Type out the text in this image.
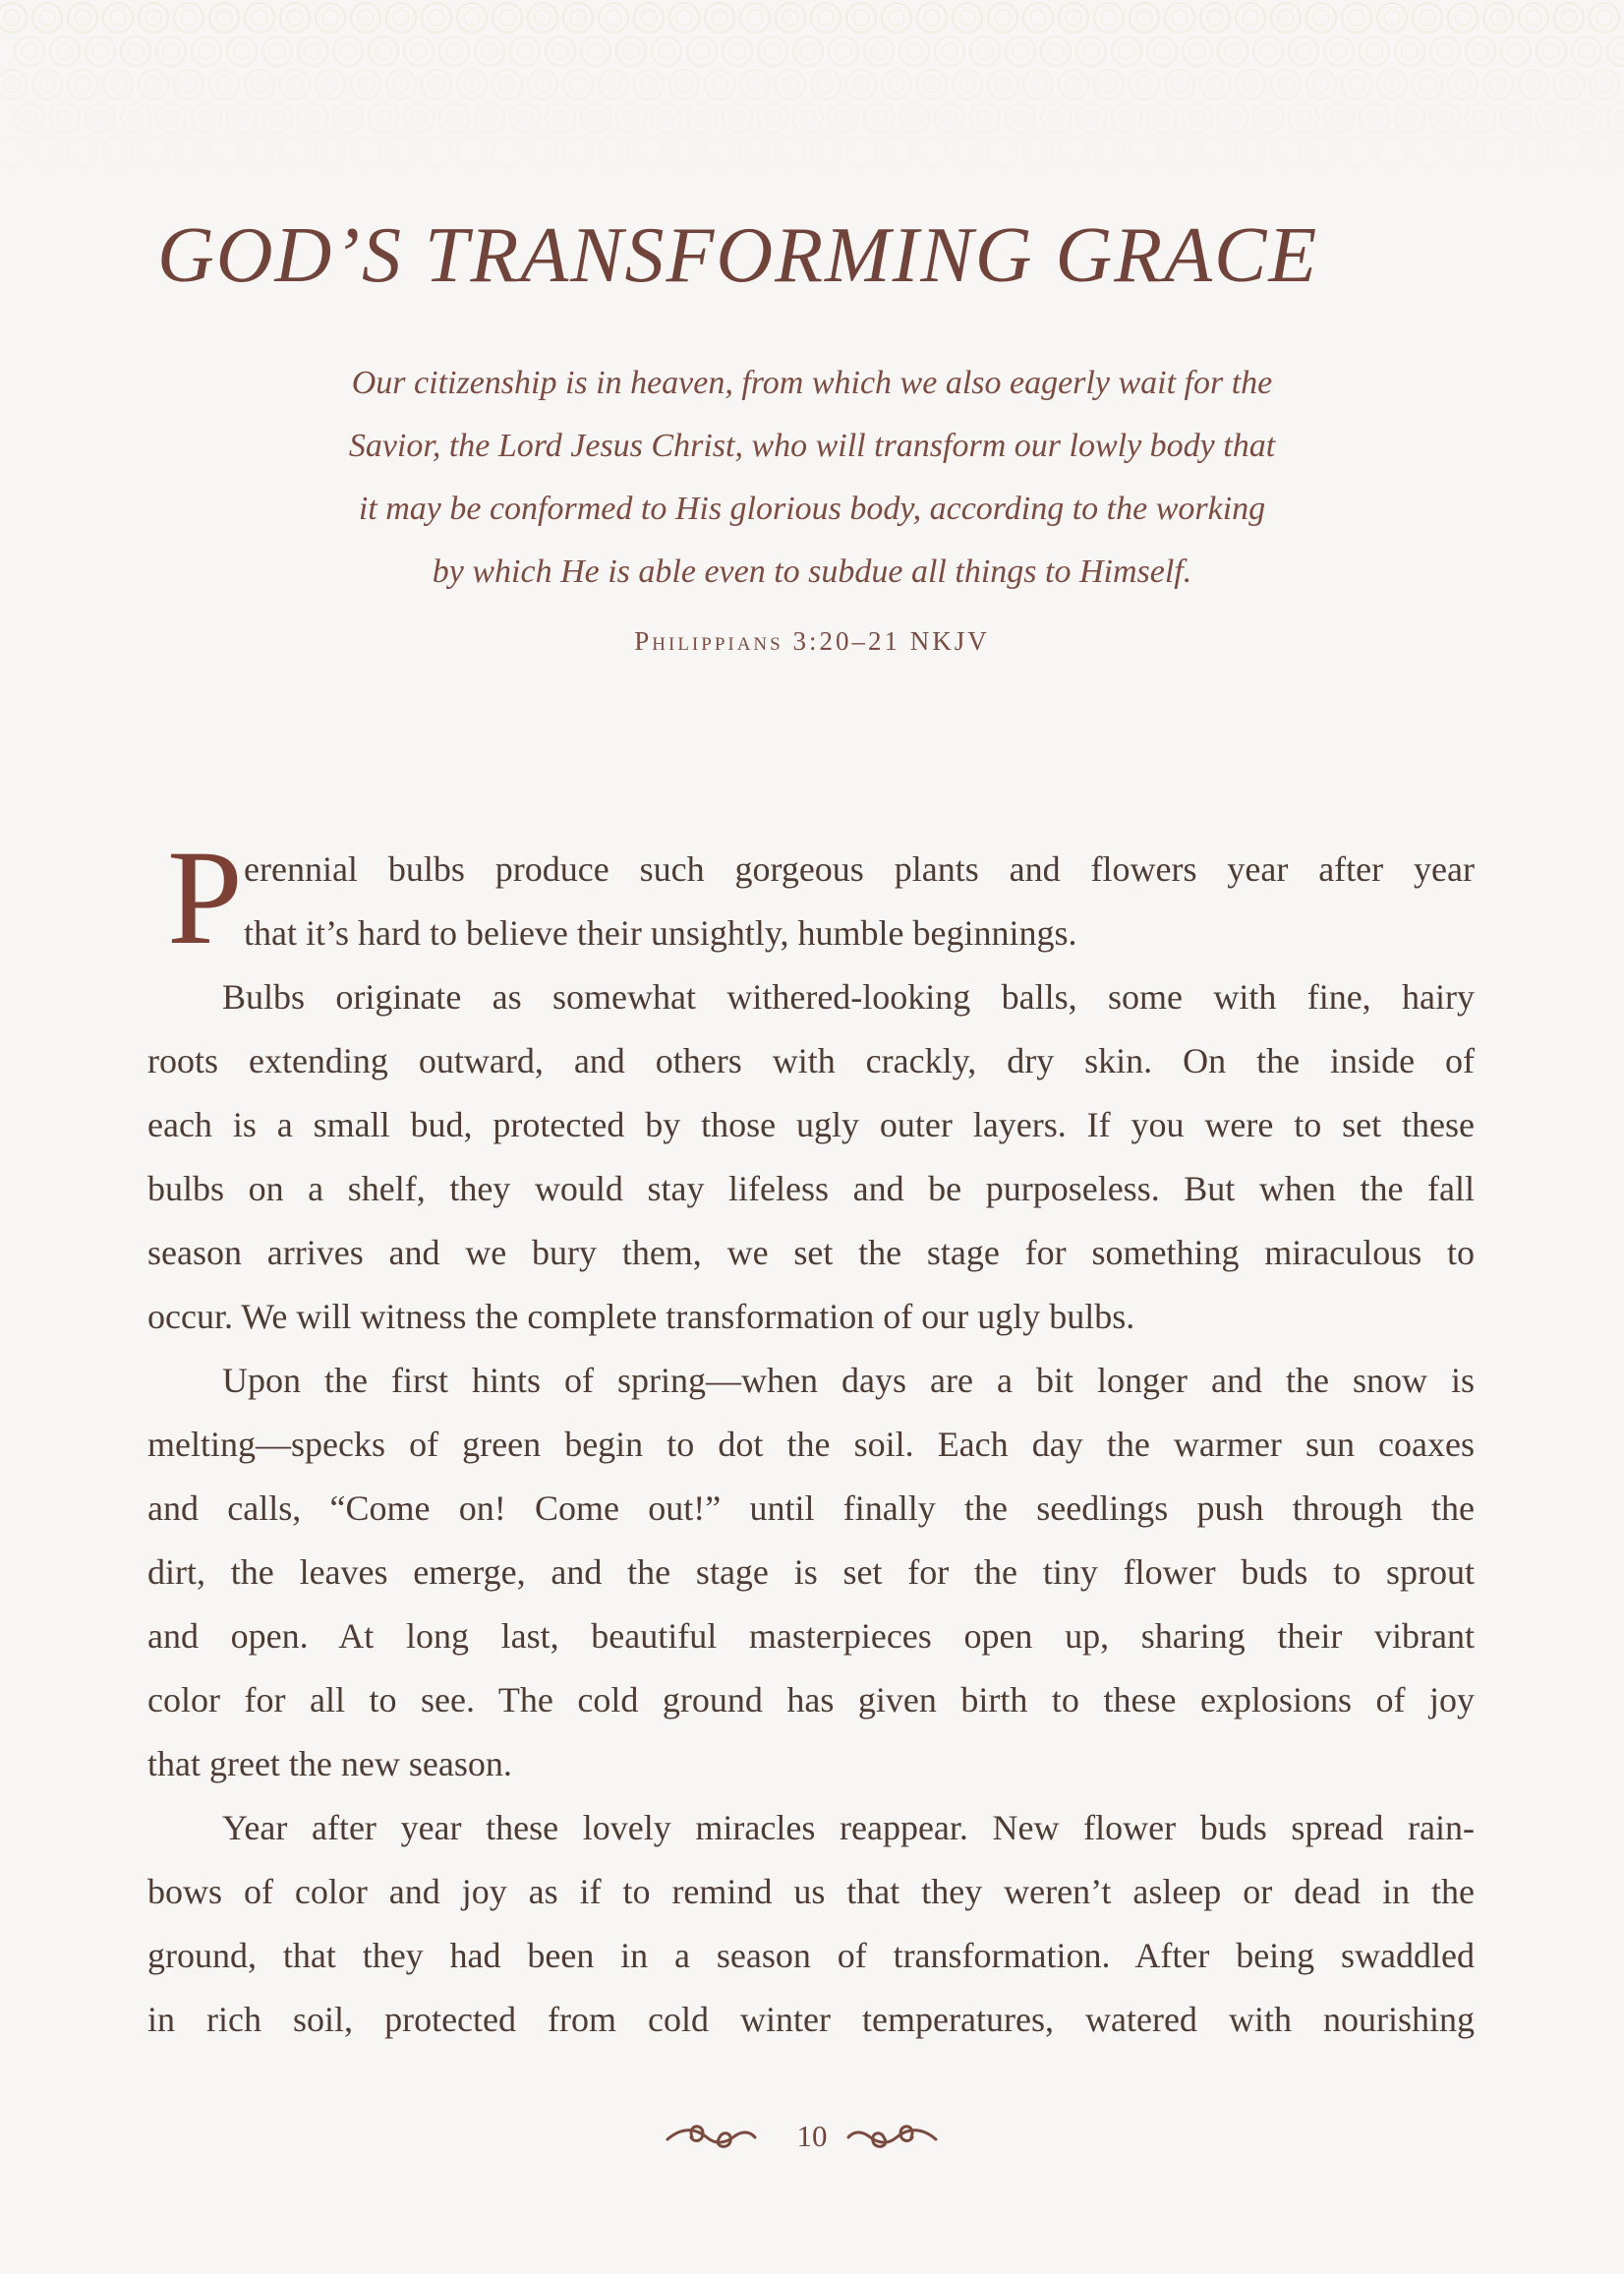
GOD’S TRANSFORMING GRACE
Our citizenship is in heaven, from which we also eagerly wait for the
Savior, the Lord Jesus Christ, who will transform our lowly body that
it may be conformed to His glorious body, according to the working
by which He is able even to subdue all things to Himself.
Philippians 3:20–21 NKJV
P erennial bulbs produce such gorgeous plants and flowers year after year
that it’s hard to believe their unsightly, humble beginnings.
Bulbs originate as somewhat withered-looking balls, some with fine, hairy
roots extending outward, and others with crackly, dry skin. On the inside of
each is a small bud, protected by those ugly outer layers. If you were to set these
bulbs on a shelf, they would stay lifeless and be purposeless. But when the fall
season arrives and we bury them, we set the stage for something miraculous to
occur. We will witness the complete transformation of our ugly bulbs.
Upon the first hints of spring—when days are a bit longer and the snow is
melting—specks of green begin to dot the soil. Each day the warmer sun coaxes
and calls, “Come on! Come out!” until finally the seedlings push through the
dirt, the leaves emerge, and the stage is set for the tiny flower buds to sprout
and open. At long last, beautiful masterpieces open up, sharing their vibrant
color for all to see. The cold ground has given birth to these explosions of joy
that greet the new season.
Year after year these lovely miracles reappear. New flower buds spread rain-
bows of color and joy as if to remind us that they weren’t asleep or dead in the
ground, that they had been in a season of transformation. After being swaddled
in rich soil, protected from cold winter temperatures, watered with nourishing
10
